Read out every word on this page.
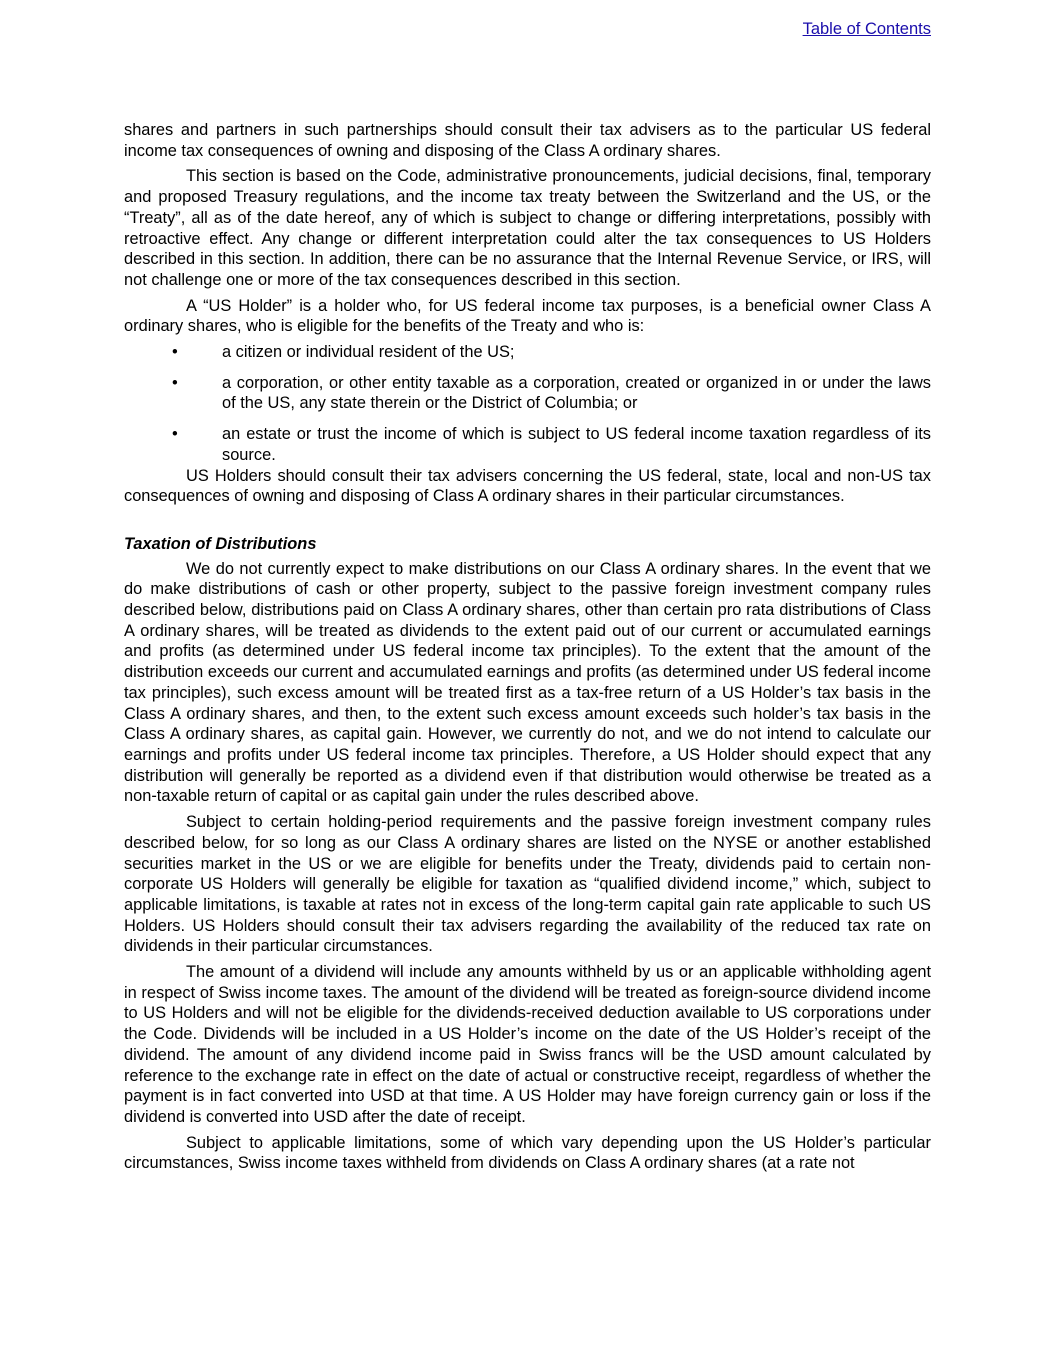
Table of Contents

shares and partners in such partnerships should consult their tax advisers as to the particular US federal income tax consequences of owning and disposing of the Class A ordinary shares.

This section is based on the Code, administrative pronouncements, judicial decisions, final, temporary and proposed Treasury regulations, and the income tax treaty between the Switzerland and the US, or the “Treaty”, all as of the date hereof, any of which is subject to change or differing interpretations, possibly with retroactive effect. Any change or different interpretation could alter the tax consequences to US Holders described in this section. In addition, there can be no assurance that the Internal Revenue Service, or IRS, will not challenge one or more of the tax consequences described in this section.

A “US Holder” is a holder who, for US federal income tax purposes, is a beneficial owner Class A ordinary shares, who is eligible for the benefits of the Treaty and who is:

•	a citizen or individual resident of the US;
•	a corporation, or other entity taxable as a corporation, created or organized in or under the laws of the US, any state therein or the District of Columbia; or
•	an estate or trust the income of which is subject to US federal income taxation regardless of its source.

US Holders should consult their tax advisers concerning the US federal, state, local and non-US tax consequences of owning and disposing of Class A ordinary shares in their particular circumstances.

Taxation of Distributions

We do not currently expect to make distributions on our Class A ordinary shares. In the event that we do make distributions of cash or other property, subject to the passive foreign investment company rules described below, distributions paid on Class A ordinary shares, other than certain pro rata distributions of Class A ordinary shares, will be treated as dividends to the extent paid out of our current or accumulated earnings and profits (as determined under US federal income tax principles). To the extent that the amount of the distribution exceeds our current and accumulated earnings and profits (as determined under US federal income tax principles), such excess amount will be treated first as a tax-free return of a US Holder’s tax basis in the Class A ordinary shares, and then, to the extent such excess amount exceeds such holder’s tax basis in the Class A ordinary shares, as capital gain. However, we currently do not, and we do not intend to calculate our earnings and profits under US federal income tax principles. Therefore, a US Holder should expect that any distribution will generally be reported as a dividend even if that distribution would otherwise be treated as a non-taxable return of capital or as capital gain under the rules described above.

Subject to certain holding-period requirements and the passive foreign investment company rules described below, for so long as our Class A ordinary shares are listed on the NYSE or another established securities market in the US or we are eligible for benefits under the Treaty, dividends paid to certain non-corporate US Holders will generally be eligible for taxation as “qualified dividend income,” which, subject to applicable limitations, is taxable at rates not in excess of the long-term capital gain rate applicable to such US Holders. US Holders should consult their tax advisers regarding the availability of the reduced tax rate on dividends in their particular circumstances.

The amount of a dividend will include any amounts withheld by us or an applicable withholding agent in respect of Swiss income taxes. The amount of the dividend will be treated as foreign-source dividend income to US Holders and will not be eligible for the dividends-received deduction available to US corporations under the Code. Dividends will be included in a US Holder’s income on the date of the US Holder’s receipt of the dividend. The amount of any dividend income paid in Swiss francs will be the USD amount calculated by reference to the exchange rate in effect on the date of actual or constructive receipt, regardless of whether the payment is in fact converted into USD at that time. A US Holder may have foreign currency gain or loss if the dividend is converted into USD after the date of receipt.

Subject to applicable limitations, some of which vary depending upon the US Holder’s particular circumstances, Swiss income taxes withheld from dividends on Class A ordinary shares (at a rate not
